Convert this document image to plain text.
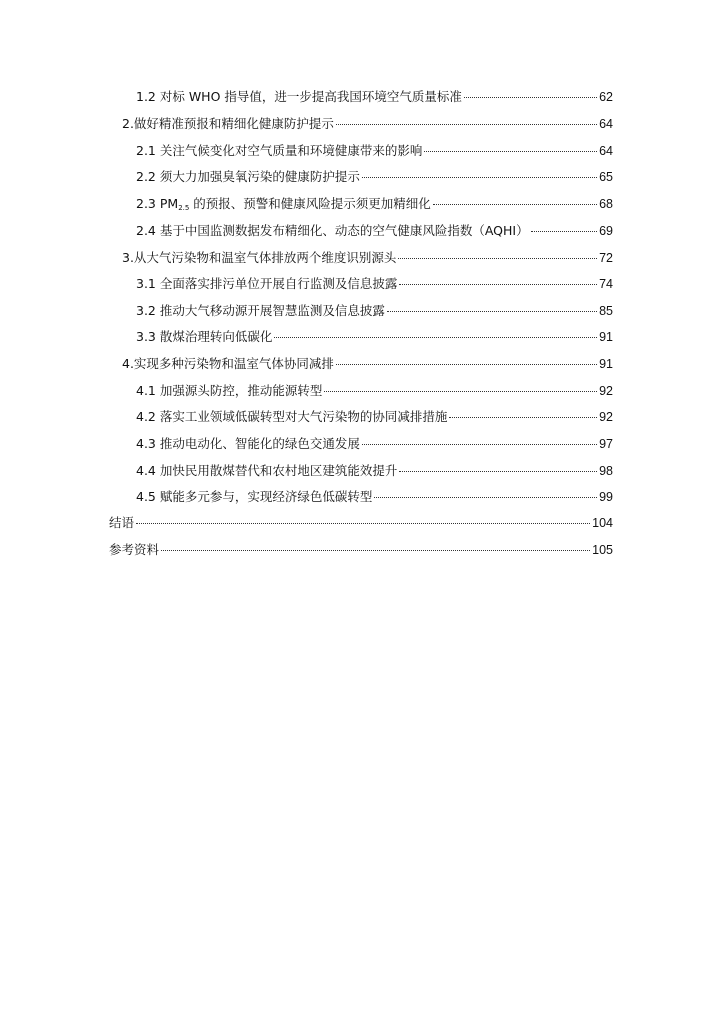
1.2 对标 WHO 指导值，进一步提高我国环境空气质量标准	62
2.做好精准预报和精细化健康防护提示	64
2.1 关注气候变化对空气质量和环境健康带来的影响	64
2.2 须大力加强臭氧污染的健康防护提示	65
2.3 PM2.5 的预报、预警和健康风险提示须更加精细化	68
2.4 基于中国监测数据发布精细化、动态的空气健康风险指数（AQHI）	69
3.从大气污染物和温室气体排放两个维度识别源头	72
3.1 全面落实排污单位开展自行监测及信息披露	74
3.2 推动大气移动源开展智慧监测及信息披露	85
3.3 散煤治理转向低碳化	91
4.实现多种污染物和温室气体协同减排	91
4.1 加强源头防控，推动能源转型	92
4.2 落实工业领域低碳转型对大气污染物的协同减排措施	92
4.3 推动电动化、智能化的绿色交通发展	97
4.4 加快民用散煤替代和农村地区建筑能效提升	98
4.5 赋能多元参与，实现经济绿色低碳转型	99
结语	104
参考资料	105
